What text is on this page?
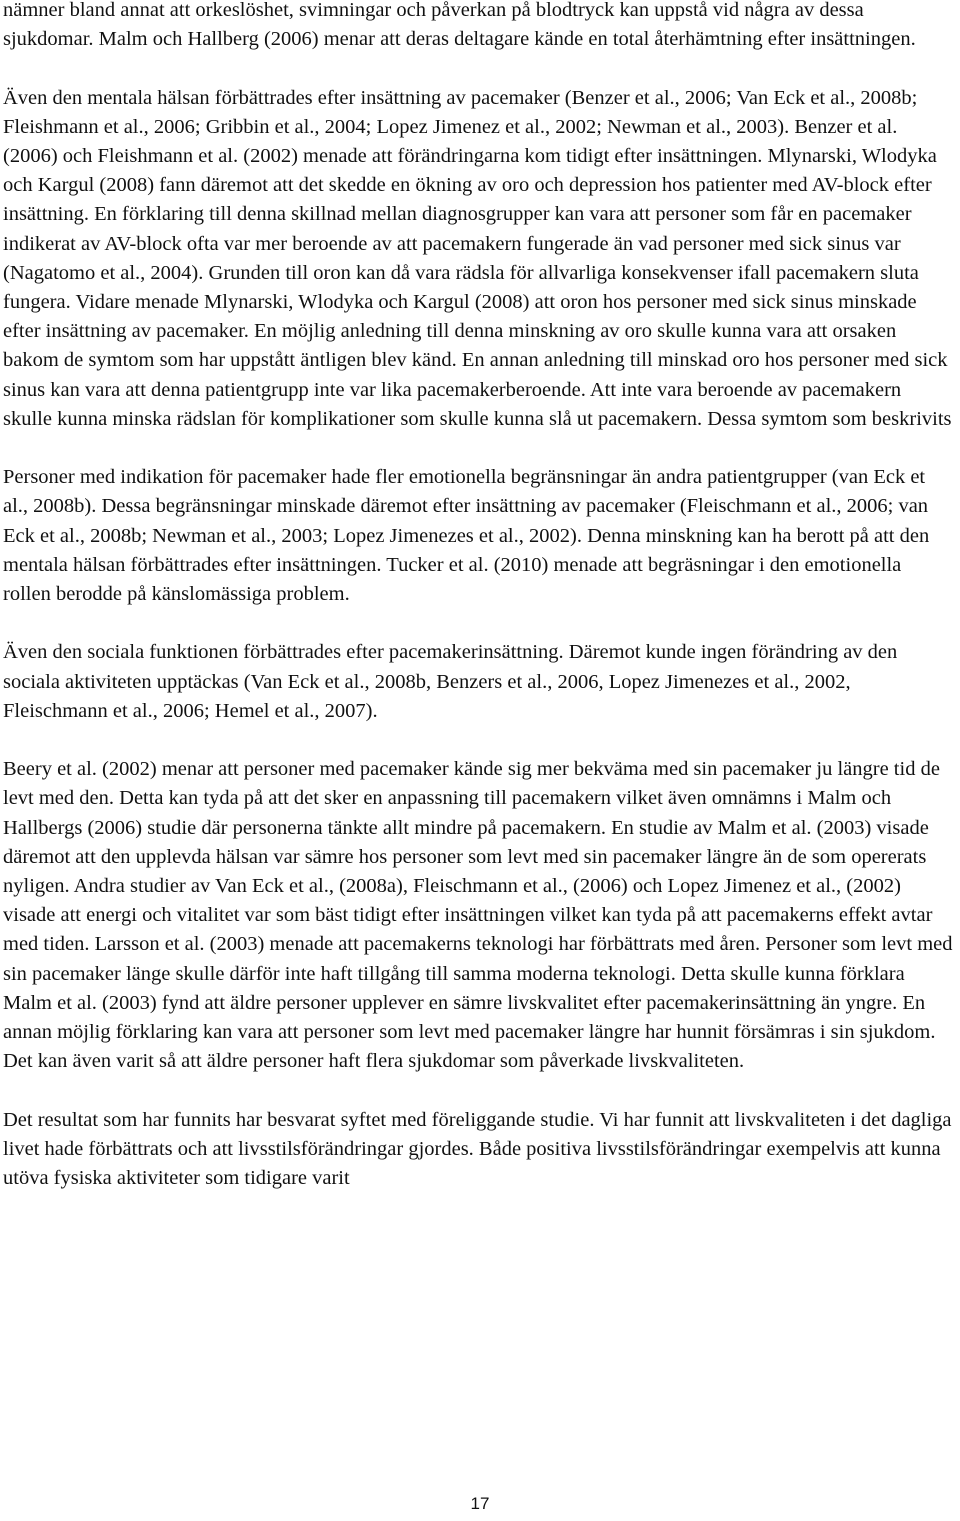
nämner bland annat att orkeslöshet, svimningar och påverkan på blodtryck kan uppstå vid några av dessa sjukdomar. Malm och Hallberg (2006) menar att deras deltagare kände en total återhämtning efter insättningen.

Även den mentala hälsan förbättrades efter insättning av pacemaker (Benzer et al., 2006; Van Eck et al., 2008b; Fleishmann et al., 2006; Gribbin et al., 2004; Lopez Jimenez et al., 2002; Newman et al., 2003). Benzer et al. (2006) och Fleishmann et al. (2002) menade att förändringarna kom tidigt efter insättningen. Mlynarski, Wlodyka och Kargul (2008) fann däremot att det skedde en ökning av oro och depression hos patienter med AV-block efter insättning. En förklaring till denna skillnad mellan diagnosgrupper kan vara att personer som får en pacemaker indikerat av AV-block ofta var mer beroende av att pacemakern fungerade än vad personer med sick sinus var (Nagatomo et al., 2004). Grunden till oron kan då vara rädsla för allvarliga konsekvenser ifall pacemakern sluta fungera. Vidare menade Mlynarski, Wlodyka och Kargul (2008) att oron hos personer med sick sinus minskade efter insättning av pacemaker. En möjlig anledning till denna minskning av oro skulle kunna vara att orsaken bakom de symtom som har uppstått äntligen blev känd. En annan anledning till minskad oro hos personer med sick sinus kan vara att denna patientgrupp inte var lika pacemakerberoende. Att inte vara beroende av pacemakern skulle kunna minska rädslan för komplikationer som skulle kunna slå ut pacemakern. Dessa symtom som beskrivits

Personer med indikation för pacemaker hade fler emotionella begränsningar än andra patientgrupper (van Eck et al., 2008b). Dessa begränsningar minskade däremot efter insättning av pacemaker (Fleischmann et al., 2006; van Eck et al., 2008b; Newman et al., 2003; Lopez Jimenezes et al., 2002). Denna minskning kan ha berott på att den mentala hälsan förbättrades efter insättningen. Tucker et al. (2010) menade att begräsningar i den emotionella rollen berodde på känslomässiga problem.

Även den sociala funktionen förbättrades efter pacemakerinsättning. Däremot kunde ingen förändring av den sociala aktiviteten upptäckas (Van Eck et al., 2008b, Benzers et al., 2006, Lopez Jimenezes et al., 2002, Fleischmann et al., 2006; Hemel et al., 2007).

Beery et al. (2002) menar att personer med pacemaker kände sig mer bekväma med sin pacemaker ju längre tid de levt med den. Detta kan tyda på att det sker en anpassning till pacemakern vilket även omnämns i Malm och Hallbergs (2006) studie där personerna tänkte allt mindre på pacemakern. En studie av Malm et al. (2003) visade däremot att den upplevda hälsan var sämre hos personer som levt med sin pacemaker längre än de som opererats nyligen. Andra studier av Van Eck et al., (2008a), Fleischmann et al., (2006) och Lopez Jimenez et al., (2002) visade att energi och vitalitet var som bäst tidigt efter insättningen vilket kan tyda på att pacemakerns effekt avtar med tiden. Larsson et al. (2003) menade att pacemakerns teknologi har förbättrats med åren. Personer som levt med sin pacemaker länge skulle därför inte haft tillgång till samma moderna teknologi. Detta skulle kunna förklara Malm et al. (2003) fynd att äldre personer upplever en sämre livskvalitet efter pacemakerinsättning än yngre. En annan möjlig förklaring kan vara att personer som levt med pacemaker längre har hunnit försämras i sin sjukdom. Det kan även varit så att äldre personer haft flera sjukdomar som påverkade livskvaliteten.

Det resultat som har funnits har besvarat syftet med föreliggande studie. Vi har funnit att livskvaliteten i det dagliga livet hade förbättrats och att livsstilsförändringar gjordes. Både positiva livsstilsförändringar exempelvis att kunna utöva fysiska aktiviteter som tidigare varit

17
